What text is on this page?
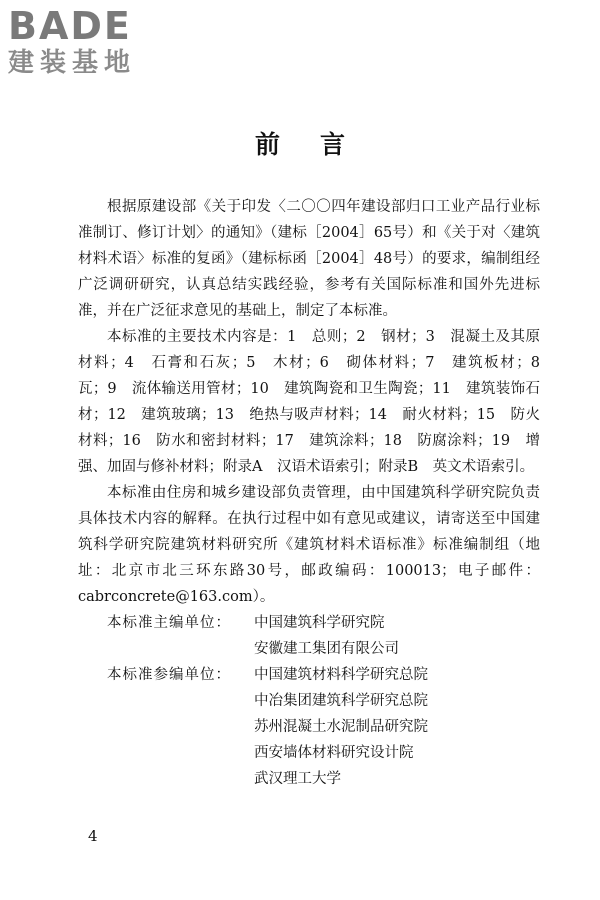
BADE
建装基地
前言

根据原建设部《关于印发〈二〇〇四年建设部归口工业产品行业标准制订、修订计划〉的通知》（建标［2004］65号）和《关于对〈建筑材料术语〉标准的复函》（建标标函［2004］48号）的要求，编制组经广泛调研研究，认真总结实践经验，参考有关国际标准和国外先进标准，并在广泛征求意见的基础上，制定了本标准。

本标准的主要技术内容是：1　总则；2　钢材；3　混凝土及其原材料；4　石膏和石灰；5　木材；6　砌体材料；7　建筑板材；8　瓦；9　流体输送用管材；10　建筑陶瓷和卫生陶瓷；11　建筑装饰石材；12　建筑玻璃；13　绝热与吸声材料；14　耐火材料；15　防火材料；16　防水和密封材料；17　建筑涂料；18　防腐涂料；19　增强、加固与修补材料；附录A　汉语术语索引；附录B　英文术语索引。

本标准由住房和城乡建设部负责管理，由中国建筑科学研究院负责具体技术内容的解释。在执行过程中如有意见或建议，请寄送至中国建筑科学研究院建筑材料研究所《建筑材料术语标准》标准编制组（地址：北京市北三环东路30号，邮政编码：100013；电子邮件：cabrconcrete@163.com）。

本标准主编单位：	中国建筑科学研究院
安徽建工集团有限公司
本标准参编单位：	中国建筑材料科学研究总院
中冶集团建筑科学研究总院
苏州混凝土水泥制品研究院
西安墙体材料研究设计院
武汉理工大学
4
